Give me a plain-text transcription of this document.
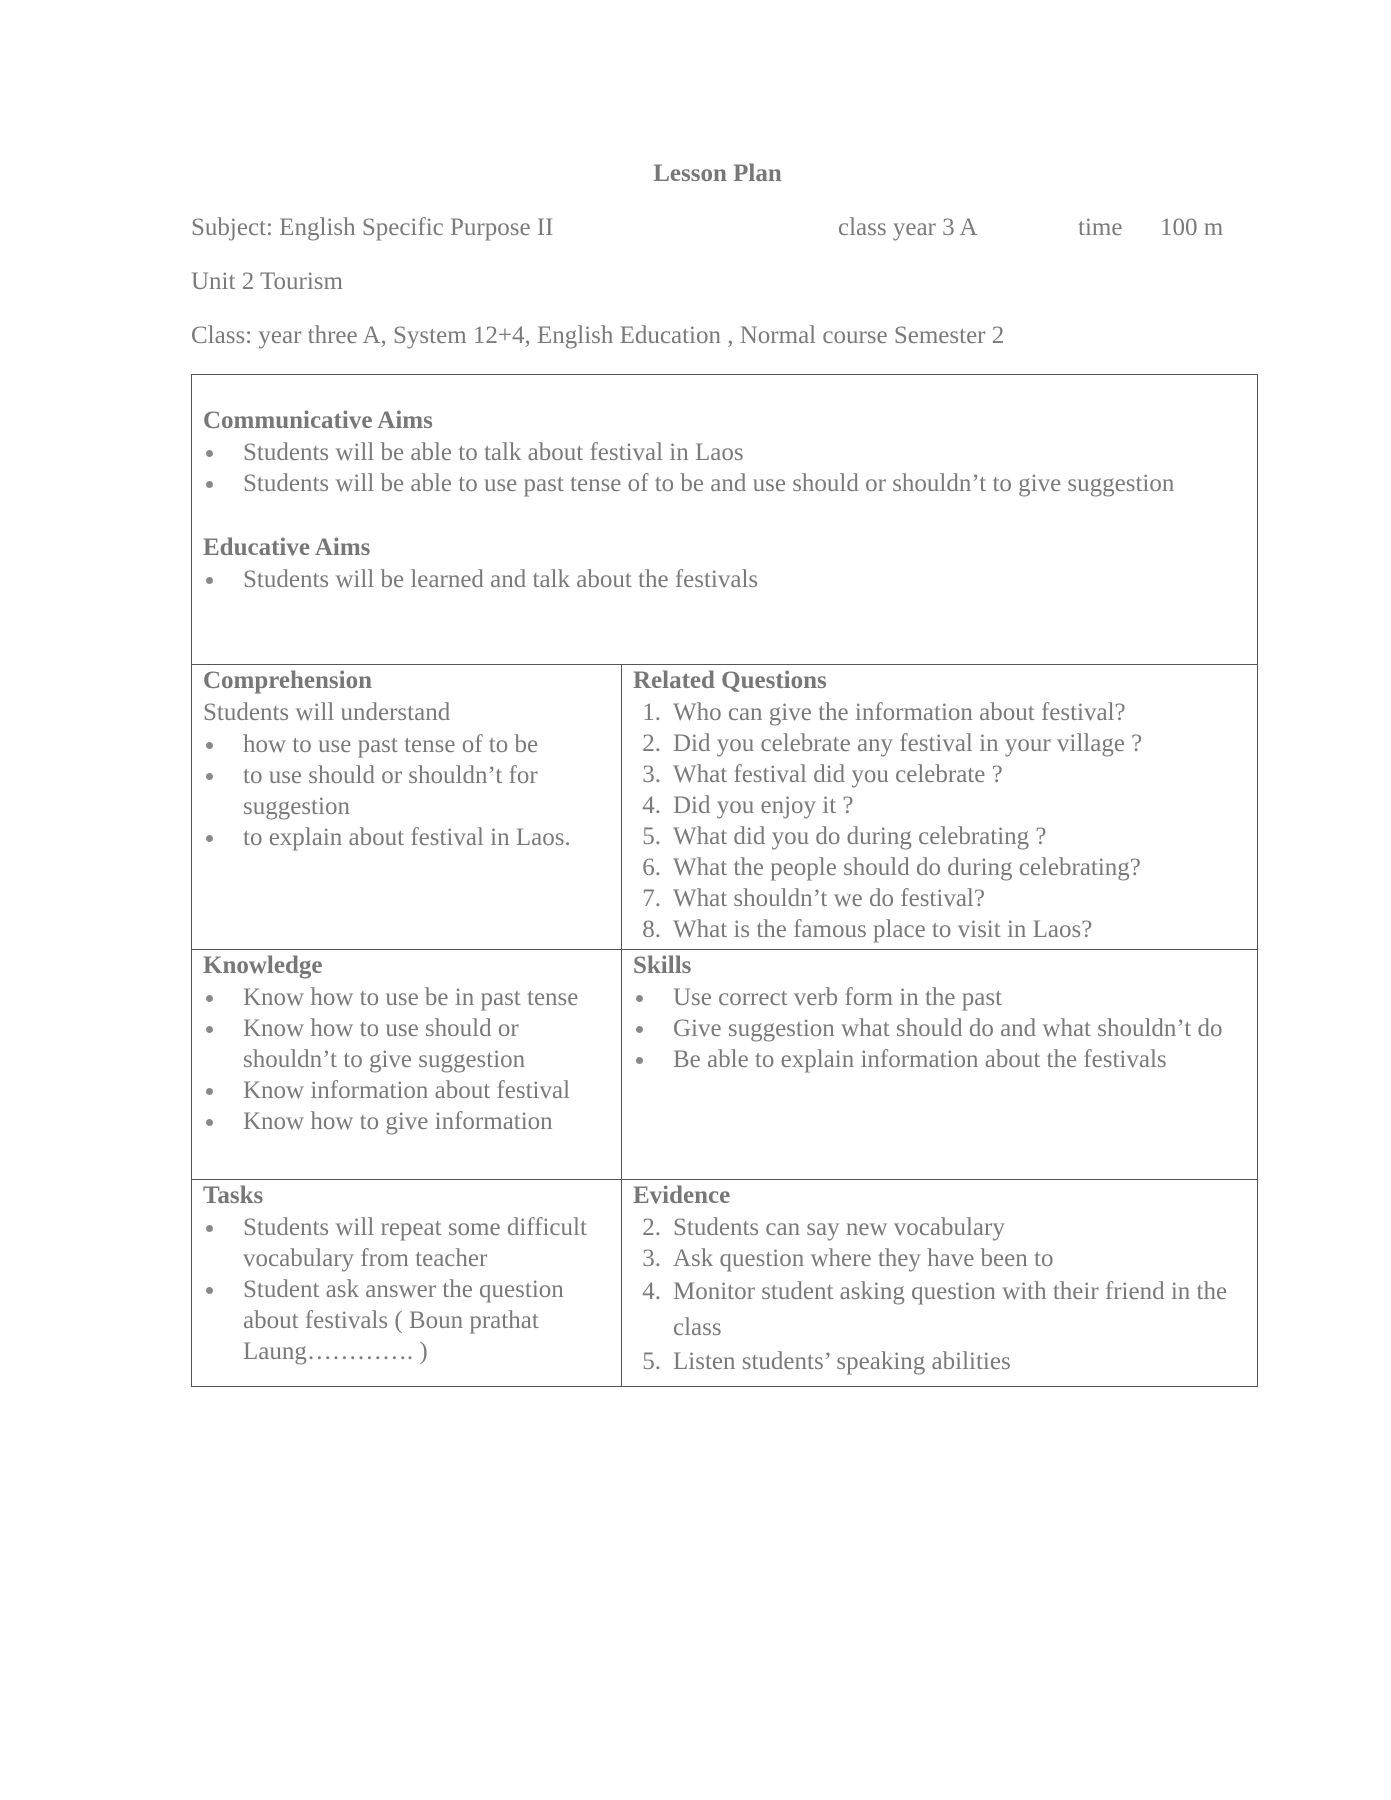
Lesson Plan
Subject: English Specific Purpose II	class year 3 A	time 100 m
Unit 2 Tourism
Class: year three A, System 12+4, English Education , Normal course Semester 2
Communicative Aims
Students will be able to talk about festival in Laos
Students will be able to use past tense of to be and use should or shouldn’t to give suggestion
Educative Aims
Students will be learned and talk about the festivals
Comprehension
Students will understand
how to use past tense of to be
to use should or shouldn’t for suggestion
to explain about festival in Laos.
Related Questions
1. Who can give the information about festival?
2. Did you celebrate any festival in your village ?
3. What festival did you celebrate ?
4. Did you enjoy it ?
5. What did you do during celebrating ?
6. What the people should do during celebrating?
7. What shouldn’t we do festival?
8. What is the famous place to visit in Laos?
Knowledge
Know how to use be in past tense
Know how to use should or shouldn’t to give suggestion
Know information about festival
Know how to give information
Skills
Use correct verb form in the past
Give suggestion what should do and what shouldn’t do
Be able to explain information about the festivals
Tasks
Students will repeat some difficult vocabulary from teacher
Student ask answer the question about festivals ( Boun prathat Laung…………. )
Evidence
2. Students can say new vocabulary
3. Ask question where they have been to
4. Monitor student asking question with their friend in the class
5. Listen students’ speaking abilities
